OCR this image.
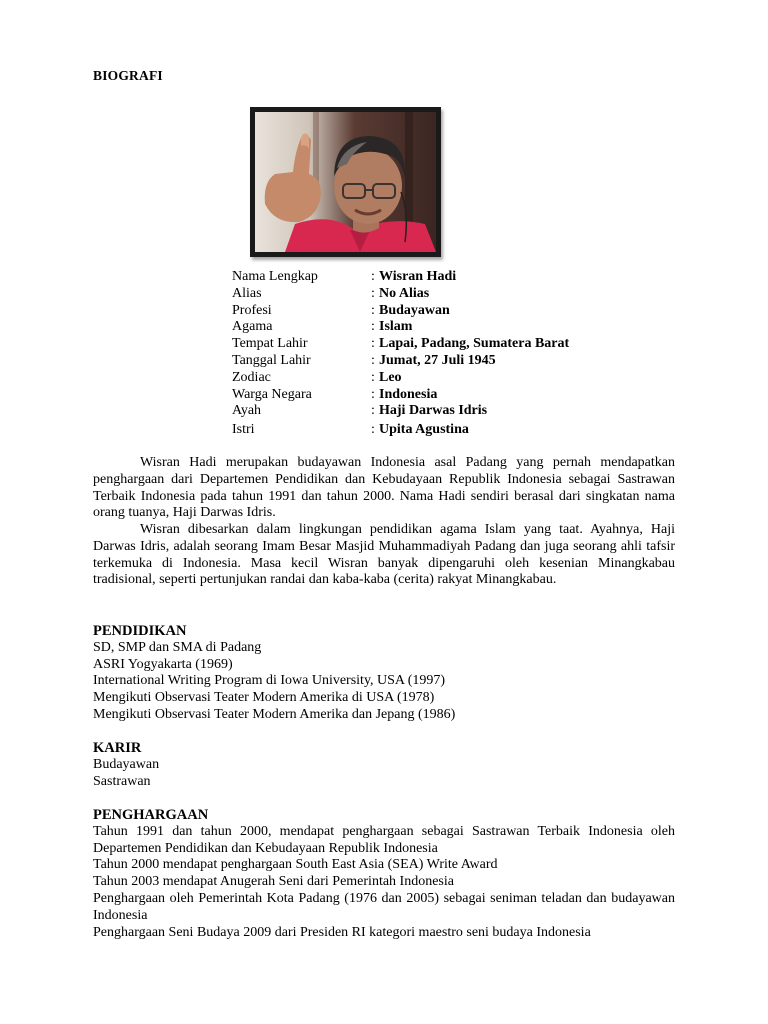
BIOGRAFI
Nama Lengkap	: Wisran Hadi
Alias	: No Alias
Profesi	: Budayawan
Agama	: Islam
Tempat Lahir	: Lapai, Padang, Sumatera Barat
Tanggal Lahir	: Jumat, 27 Juli 1945
Zodiac	: Leo
Warga Negara	: Indonesia
Ayah	: Haji Darwas Idris
Istri	: Upita Agustina

Wisran Hadi merupakan budayawan Indonesia asal Padang yang pernah mendapatkan penghargaan dari Departemen Pendidikan dan Kebudayaan Republik Indonesia sebagai Sastrawan Terbaik Indonesia pada tahun 1991 dan tahun 2000. Nama Hadi sendiri berasal dari singkatan nama orang tuanya, Haji Darwas Idris.

Wisran dibesarkan dalam lingkungan pendidikan agama Islam yang taat. Ayahnya, Haji Darwas Idris, adalah seorang Imam Besar Masjid Muhammadiyah Padang dan juga seorang ahli tafsir terkemuka di Indonesia. Masa kecil Wisran banyak dipengaruhi oleh kesenian Minangkabau tradisional, seperti pertunjukan randai dan kaba-kaba (cerita) rakyat Minangkabau.

PENDIDIKAN
SD, SMP dan SMA di Padang
ASRI Yogyakarta (1969)
International Writing Program di Iowa University, USA (1997)
Mengikuti Observasi Teater Modern Amerika di USA (1978)
Mengikuti Observasi Teater Modern Amerika dan Jepang (1986)
KARIR
Budayawan
Sastrawan
PENGHARGAAN
Tahun 1991 dan tahun 2000, mendapat penghargaan sebagai Sastrawan Terbaik Indonesia oleh Departemen Pendidikan dan Kebudayaan Republik Indonesia
Tahun 2000 mendapat penghargaan South East Asia (SEA) Write Award
Tahun 2003 mendapat Anugerah Seni dari Pemerintah Indonesia
Penghargaan oleh Pemerintah Kota Padang (1976 dan 2005) sebagai seniman teladan dan budayawan Indonesia
Penghargaan Seni Budaya 2009 dari Presiden RI kategori maestro seni budaya Indonesia
